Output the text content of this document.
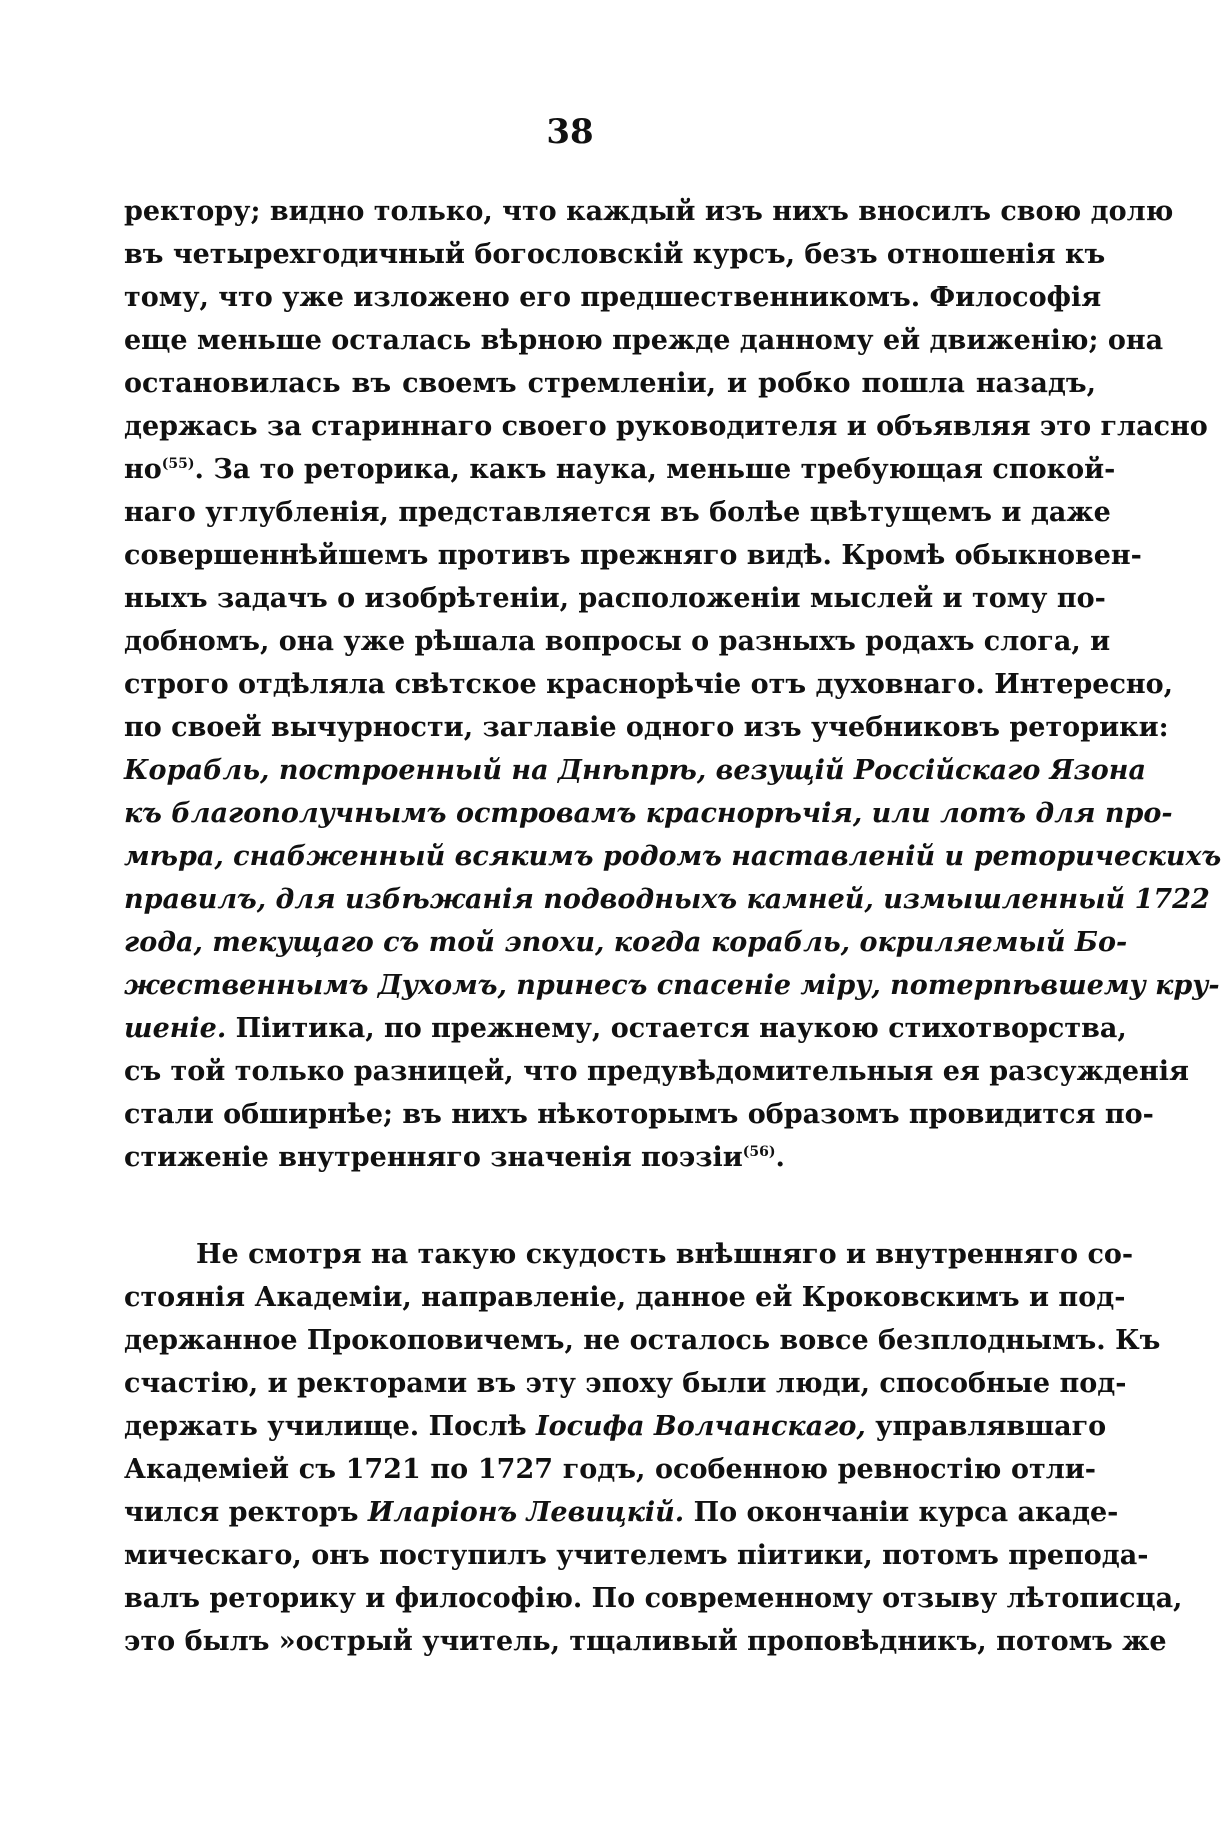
38
ректору; видно только, что каждый изъ нихъ вносилъ свою долю
въ четырехгодичный богословскій курсъ, безъ отношенія къ
тому, что уже изложено его предшественникомъ. Философія
еще меньше осталась вѣрною прежде данному ей движенію; она
остановилась въ своемъ стремленіи, и робко пошла назадъ,
держась за стариннаго своего руководителя и объявляя это гласно
но$^{(55)}$. За то реторика, какъ наука, меньше требующая спокой-
наго углубленія, представляется въ болѣе цвѣтущемъ и даже
совершеннѣйшемъ противъ прежняго видѣ. Кромѣ обыкновен-
ныхъ задачъ о изобрѣтеніи, расположеніи мыслей и тому по-
добномъ, она уже рѣшала вопросы о разныхъ родахъ слога, и
строго отдѣляла свѣтское краснорѣчіе отъ духовнаго. Интересно,
по своей вычурности, заглавіе одного изъ учебниковъ реторики:
Корабль, построенный на Днѣпрѣ, везущій Россійскаго Язона
къ благополучнымъ островамъ краснорѣчія, или лотъ для про-
мѣра, снабженный всякимъ родомъ наставленій и реторическихъ
правилъ, для избѣжанія подводныхъ камней, измышленный 1722
года, текущаго съ той эпохи, когда корабль, окриляемый Бо-
жественнымъ Духомъ, принесъ спасеніе міру, потерпѣвшему кру-
шеніе. Піитика, по прежнему, остается наукою стихотворства,
съ той только разницей, что предувѣдомительныя ея разсужденія
стали обширнѣе; въ нихъ нѣкоторымъ образомъ провидится по-
стиженіе внутренняго значенія поэзіи$^{(56)}$.
Не смотря на такую скудость внѣшняго и внутренняго со-
стоянія Академіи, направленіе, данное ей Кроковскимъ и под-
держанное Прокоповичемъ, не осталось вовсе безплоднымъ. Къ
счастію, и ректорами въ эту эпоху были люди, способные под-
держать училище. Послѣ Іосифа Волчанскаго, управлявшаго
Академіей съ 1721 по 1727 годъ, особенною ревностію отли-
чился ректоръ Иларіонъ Левицкій. По окончаніи курса акаде-
мическаго, онъ поступилъ учителемъ піитики, потомъ препода-
валъ реторику и философію. По современному отзыву лѣтописца,
это былъ »острый учитель, тщаливый проповѣдникъ, потомъ же
